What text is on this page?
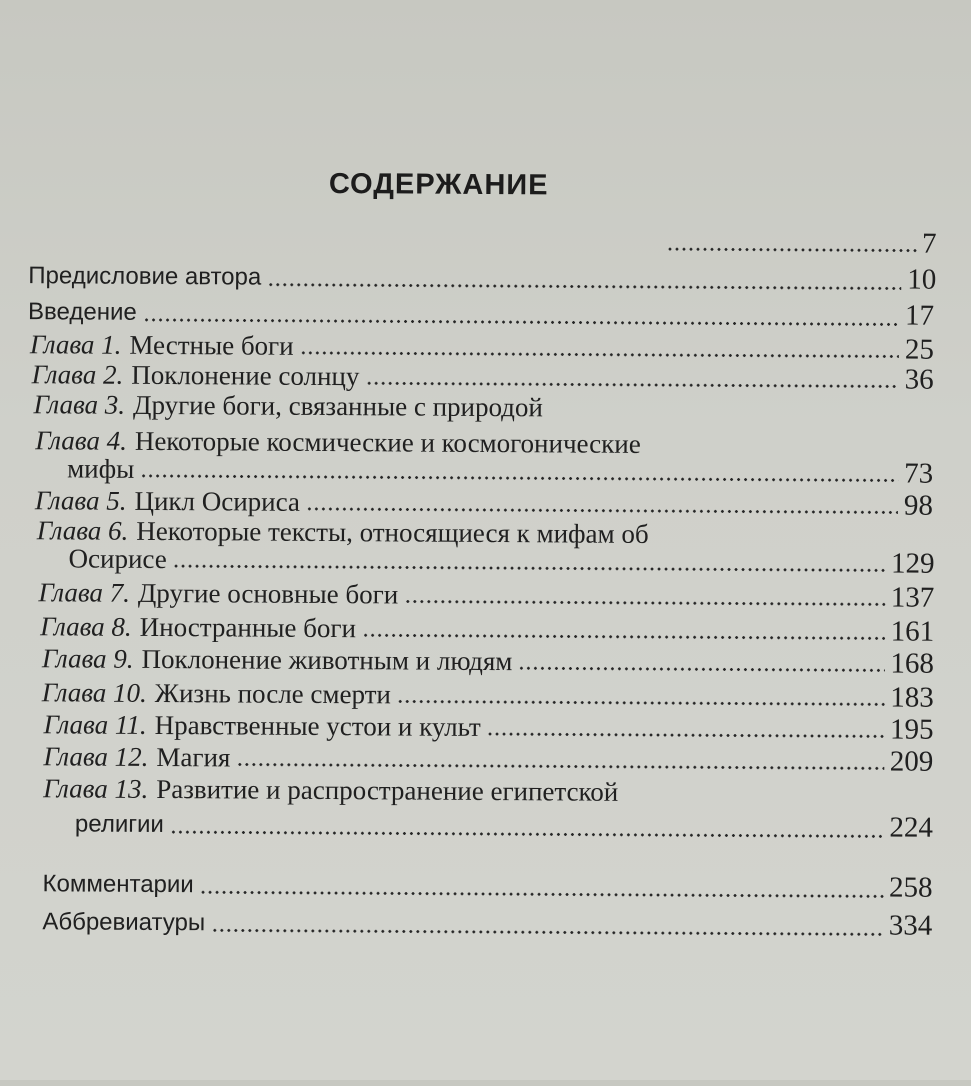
СОДЕРЖАНИЕ
7
Предисловие автора	10
Введение	17
Глава 1. Местные боги	25
Глава 2. Поклонение солнцу	36
Глава 3. Другие боги, связанные с природой
Глава 4. Некоторые космические и космогонические
мифы	73
Глава 5. Цикл Осириса	98
Глава 6. Некоторые тексты, относящиеся к мифам об
Осирисе	129
Глава 7. Другие основные боги	137
Глава 8. Иностранные боги	161
Глава 9. Поклонение животным и людям	168
Глава 10. Жизнь после смерти	183
Глава 11. Нравственные устои и культ	195
Глава 12. Магия	209
Глава 13. Развитие и распространение египетской
религии	224
Комментарии	258
Аббревиатуры	334
